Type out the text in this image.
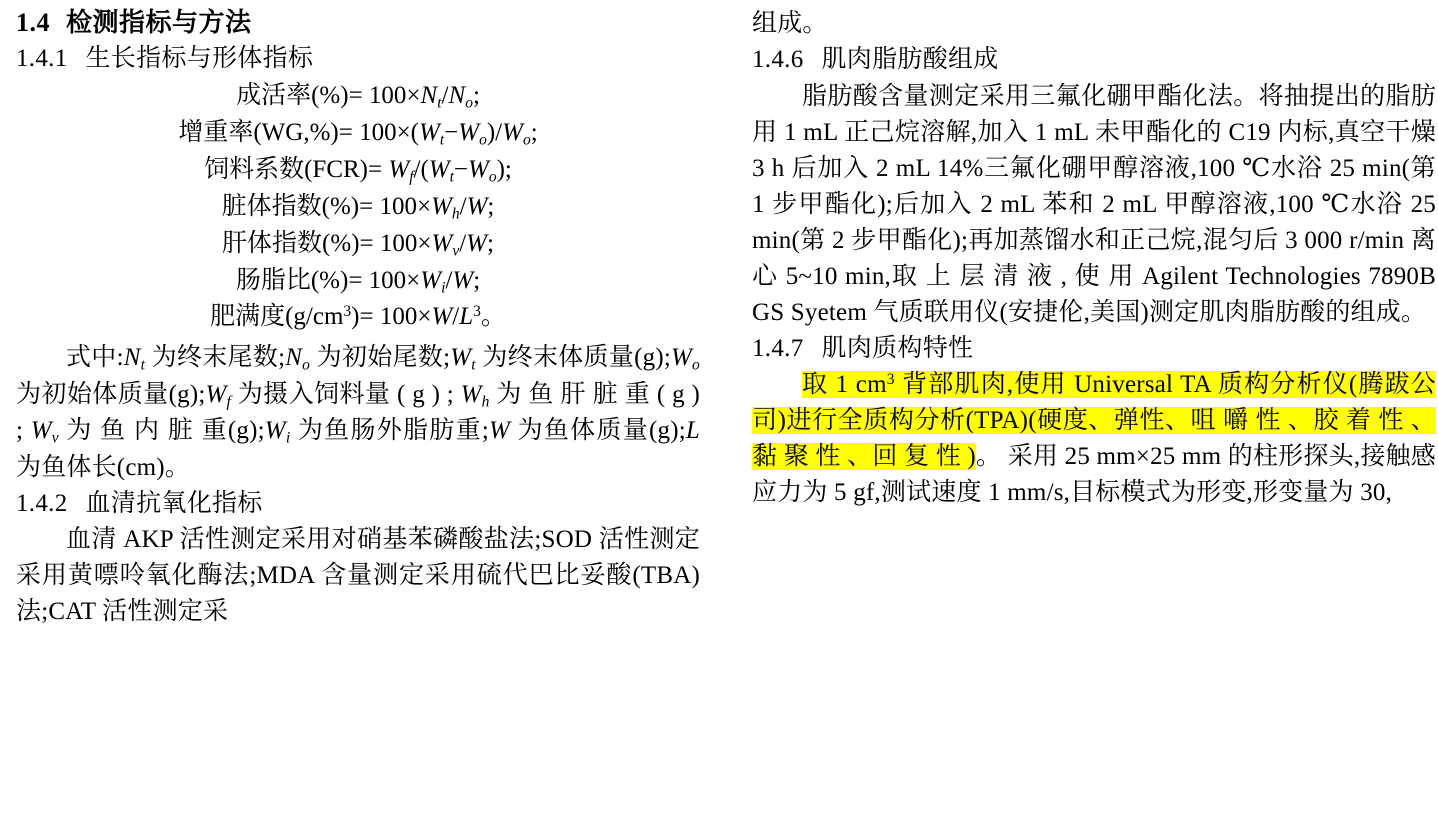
1.4 检测指标与方法
1.4.1 生长指标与形体指标
成活率(%)= $100\times N_t/N_o$;
增重率$(WG,\%)= 100\times(W_t-W_o)/W_o$;
饲料系数$(FCR)= W_f/(W_t-W_o)$;
脏体指数(%)= $100\times W_h/W$;
肝体指数(%)= $100\times W_v/W$;
肠脂比(%)= $100\times W_i/W$;
肥满度$(g/cm^3)= 100\times W/L^3$。
式中$:N_t$ 为终末尾数$;N_o$ 为初始尾数$;W_t$ 为终末体质量$(g);W_o$ 为初始体质量$(g);W_f$ 为摄入饲料量 ( g ) ; $W_h$ 为 鱼 肝 脏 重 ( g ) ; $W_v$ 为 鱼 内 脏 重$(g);W_i$ 为鱼肠外脂肪重;W 为鱼体质量(g);L 为鱼体长(cm)。
1.4.2 血清抗氧化指标
血清 AKP 活性测定采用对硝基苯磷酸盐法;SOD 活性测定采用黄嘌呤氧化酶法;MDA 含量测定采用硫代巴比妥酸(TBA)法;CAT 活性测定采
组成。
1.4.6 肌肉脂肪酸组成
脂肪酸含量测定采用三氟化硼甲酯化法。将抽提出的脂肪用 1 mL 正己烷溶解,加入 1 mL 未甲酯化的 C19 内标,真空干燥 3 h 后加入 2 mL 14%三氟化硼甲醇溶液,100 ℃水浴 25 min(第 1 步甲酯化);后加入 2 mL 苯和 2 mL 甲醇溶液,100 ℃水浴 25 min(第 2 步甲酯化);再加蒸馏水和正己烷,混匀后 3 000 r/min 离心 5~10 min,取 上 层 清 液 , 使 用 Agilent Technologies 7890B GS Syetem 气质联用仪(安捷伦,美国)测定肌肉脂肪酸的组成。
1.4.7 肌肉质构特性
取 1 $cm^3$ 背部肌肉,使用 Universal TA 质构分析仪(腾跋公司)进行全质构分析(TPA)(硬度、弹性、咀 嚼 性 、胶 着 性 、黏 聚 性 、回 复 性 )。 采用 25 mm×25 mm 的柱形探头,接触感应力为 5 gf,测试速度 1 mm/s,目标模式为形变,形变量为 30,
